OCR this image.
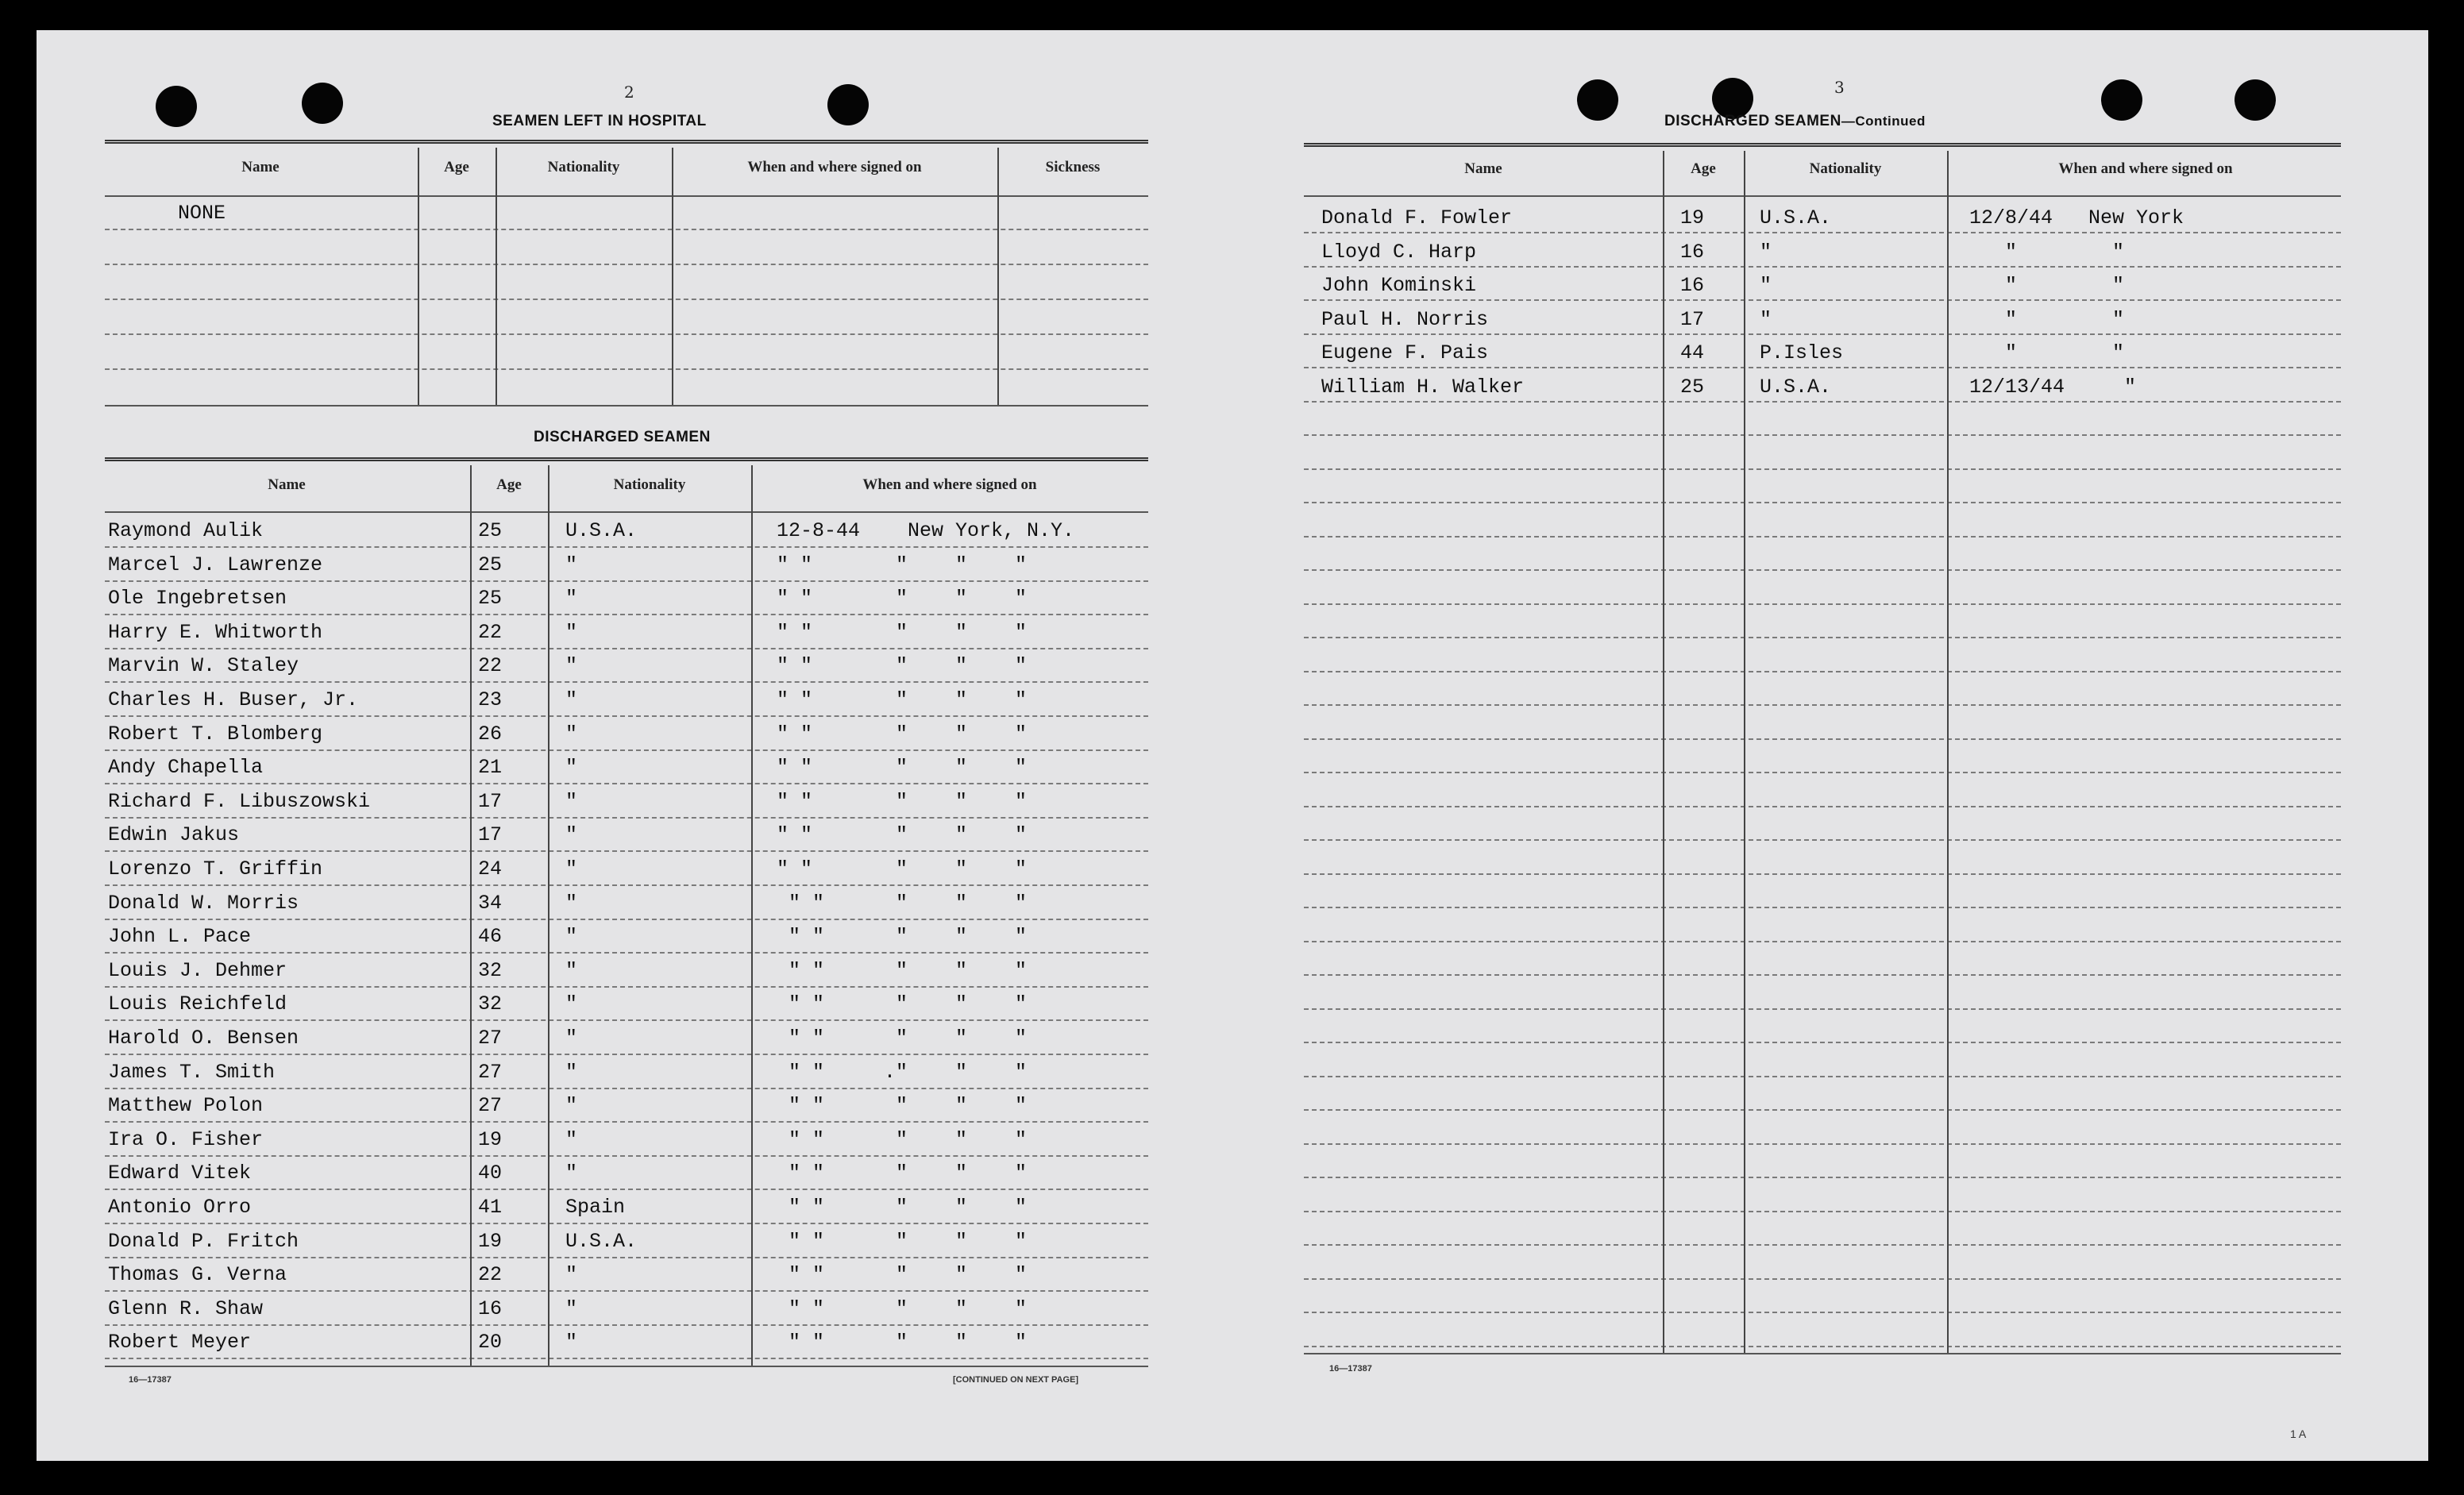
2
SEAMEN LEFT IN HOSPITAL
Name	Age	Nationality	When and where signed on	Sickness
NONE
DISCHARGED SEAMEN
Name	Age	Nationality	When and where signed on
Raymond Aulik	25	U.S.A.	12-8-44    New York, N.Y.
Marcel J. Lawrenze	25	"	" "       "    "    "
Ole Ingebretsen	25	"	" "       "    "    "
Harry E. Whitworth	22	"	" "       "    "    "
Marvin W. Staley	22	"	" "       "    "    "
Charles H. Buser, Jr.	23	"	" "       "    "    "
Robert T. Blomberg	26	"	" "       "    "    "
Andy Chapella	21	"	" "       "    "    "
Richard F. Libuszowski	17	"	" "       "    "    "
Edwin Jakus	17	"	" "       "    "    "
Lorenzo T. Griffin	24	"	" "       "    "    "
Donald W. Morris	34	"	" "      "    "    "
John L. Pace	46	"	" "      "    "    "
Louis J. Dehmer	32	"	" "      "    "    "
Louis Reichfeld	32	"	" "      "    "    "
Harold O. Bensen	27	"	" "      "    "    "
James T. Smith	27	"	" "     ."    "    "
Matthew Polon	27	"	" "      "    "    "
Ira O. Fisher	19	"	" "      "    "    "
Edward Vitek	40	"	" "      "    "    "
Antonio Orro	41	Spain	" "      "    "    "
Donald P. Fritch	19	U.S.A.	" "      "    "    "
Thomas G. Verna	22	"	" "      "    "    "
Glenn R. Shaw	16	"	" "      "    "    "
Robert Meyer	20	"	" "      "    "    "
16—17387	[CONTINUED ON NEXT PAGE]
3
DISCHARGED SEAMEN—Continued
Name	Age	Nationality	When and where signed on
Donald F. Fowler	19	U.S.A.	12/8/44   New York
Lloyd C. Harp	16	"	"        "
John Kominski	16	"	"        "
Paul H. Norris	17	"	"        "
Eugene F. Pais	44	P.Isles	"        "
William H. Walker	25	U.S.A.	12/13/44     "
16—17387
1 A
